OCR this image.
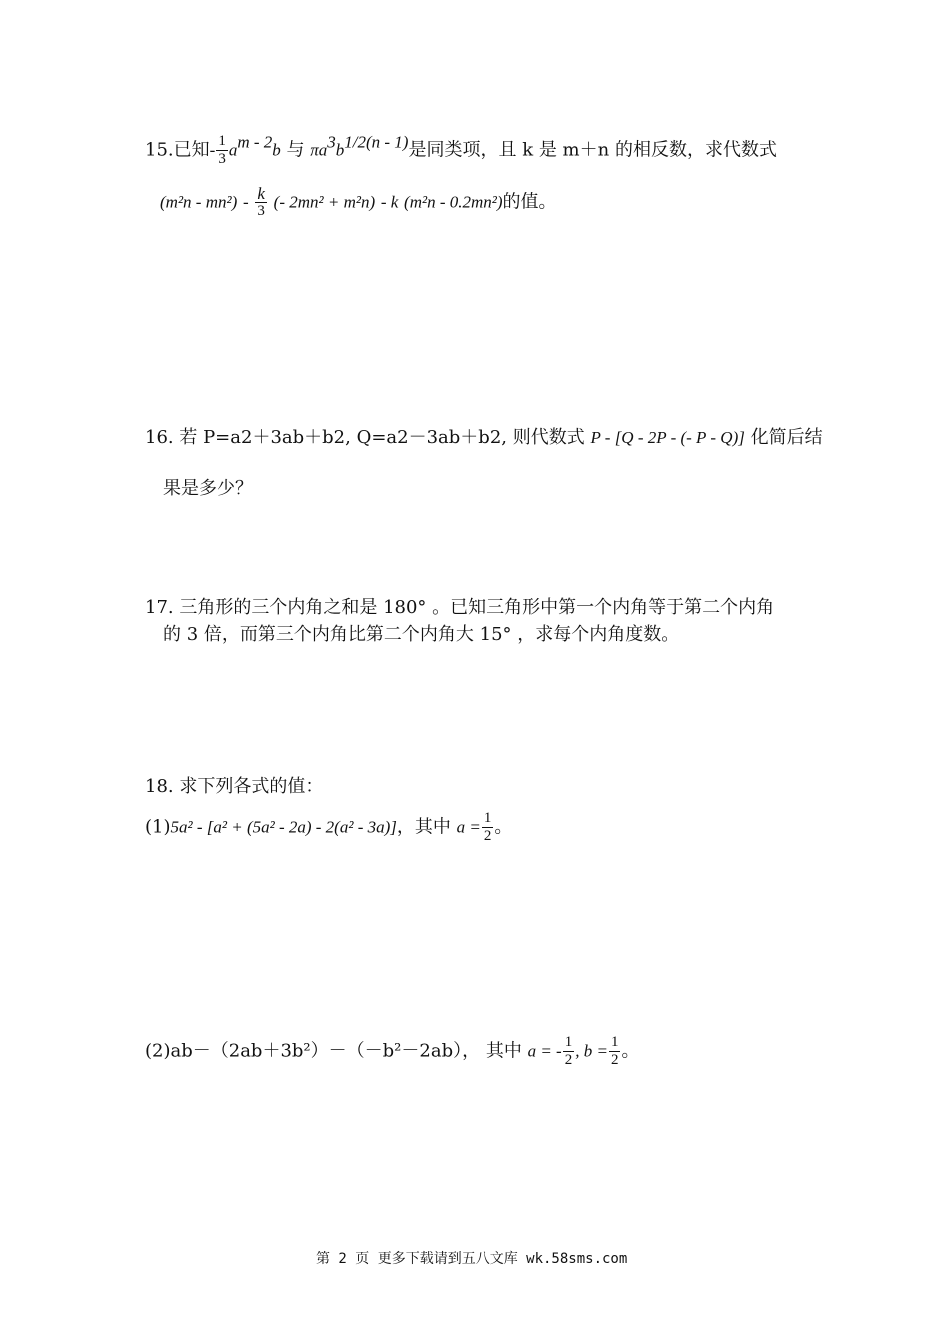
15.已知- $\frac{1}{3} a^{m - 2}b$ 与 $\pi a^3b^{1/2(n - 1)}$是同类项，且 k 是 m＋n 的相反数，求代数式
$(m^2n - mn^2) - \frac{k}{3}$ (- 2mn² + m²n) - k (m²n - 0.2mn²)的值。
16. 若 P=a2＋3ab＋b2, Q=a2－3ab＋b2, 则代数式 P - [Q - 2P - (- P - Q)] 化简后结
果是多少？
17. 三角形的三个内角之和是 180° 。已知三角形中第一个内角等于第二个内角
的 3 倍，而第三个内角比第二个内角大 15° ，求每个内角度数。
18. 求下列各式的值：
(1)5a² - [a² + (5a² - 2a) - 2(a² - 3a)]，其中 $a = \frac{1}{2}$ 。
(2)ab－（2ab＋3b²）－（－b²－2ab）， 其中 a = - $\frac{1}{2}$ , $b = \frac{1}{2}$ 。
第 2 页 更多下载请到五八文库 wk.58sms.com
